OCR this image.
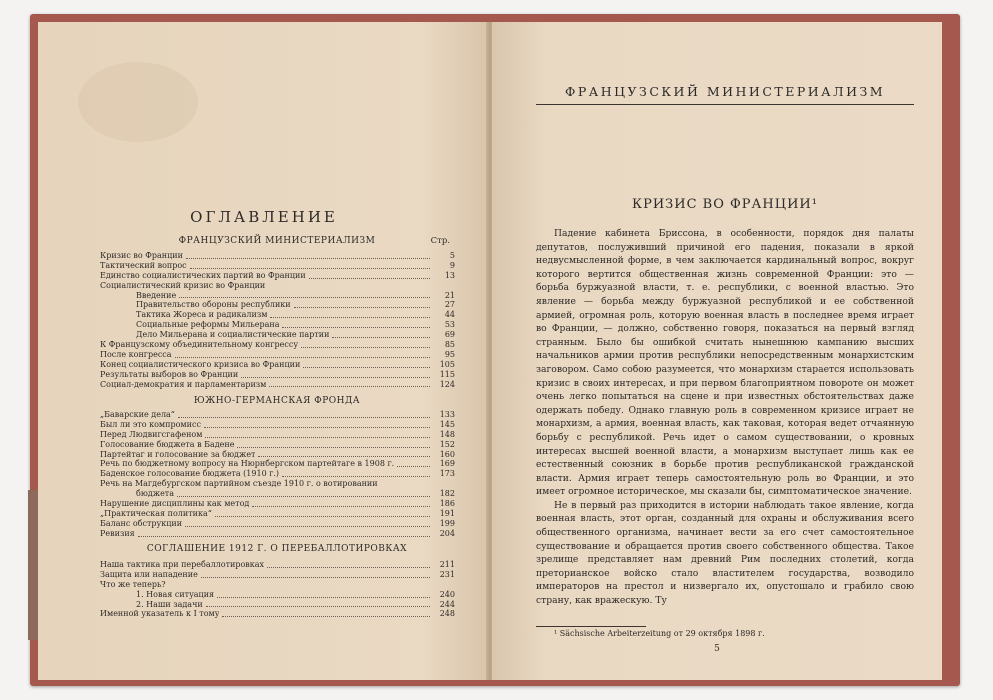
ОГЛАВЛЕНИЕ
ФРАНЦУЗСКИЙ МИНИСТЕРИАЛИЗМ	Стр.
Кризис во Франции	5
Тактический вопрос	9
Единство социалистических партий во Франции	13
Социалистический кризис во Франции
Введение	21
Правительство обороны республики	27
Тактика Жореса и радикализм	44
Социальные реформы Мильерана	53
Дело Мильерана и социалистические партии	69
К Французскому объединительному конгрессу	85
После конгресса	95
Конец социалистического кризиса во Франции	105
Результаты выборов во Франции	115
Социал-демократия и парламентаризм	124
ЮЖНО-ГЕРМАНСКАЯ ФРОНДА
„Баварские дела“	133
Был ли это компромисс	145
Перед Людвигсгафеном	148
Голосование бюджета в Бадене	152
Партейтаг и голосование за бюджет	160
Речь по бюджетному вопросу на Нюрнбергском партейтаге в 1908 г.	169
Баденское голосование бюджета (1910 г.)	173
Речь на Магдебургском партийном съезде 1910 г. о вотировании
бюджета	182
Нарушение дисциплины как метод	186
„Практическая политика“	191
Баланс обструкции	199
Ревизия	204
СОГЛАШЕНИЕ 1912 Г. О ПЕРЕБАЛЛОТИРОВКАХ
Наша тактика при перебаллотировках	211
Защита или нападение	231
Что же теперь?
1. Новая ситуация	240
2. Наши задачи	244
Именной указатель к I тому	248
ФРАНЦУЗСКИЙ МИНИСТЕРИАЛИЗМ
КРИЗИС ВО ФРАНЦИИ¹

Падение кабинета Бриссона, в особенности, порядок дня палаты депутатов, послуживший причиной его падения, показали в яркой недвусмысленной форме, в чем заключается кардинальный вопрос, вокруг которого вертится общественная жизнь современной Франции: это — борьба буржуазной власти, т. е. республики, с военной властью. Это явление — борьба между буржуазной республикой и ее собственной армией, огромная роль, которую военная власть в последнее время играет во Франции, — должно, собственно говоря, показаться на первый взгляд странным. Было бы ошибкой считать нынешнюю кампанию высших начальников армии против республики непосредственным монархистским заговором. Само собою разумеется, что монархизм старается использовать кризис в своих интересах, и при первом благоприятном повороте он может очень легко попытаться на сцене и при известных обстоятельствах даже одержать победу. Однако главную роль в современном кризисе играет не монархизм, а армия, военная власть, как таковая, которая ведет отчаянную борьбу с республикой. Речь идет о самом существовании, о кровных интересах высшей военной власти, а монархизм выступает лишь как ее естественный союзник в борьбе против республиканской гражданской власти. Армия играет теперь самостоятельную роль во Франции, и это имеет огромное историческое, мы сказали бы, симптоматическое значение.

Не в первый раз приходится в истории наблюдать такое явление, когда военная власть, этот орган, созданный для охраны и обслуживания всего общественного организма, начинает вести за его счет самостоятельное существование и обращается против своего собственного общества. Такое зрелище представляет нам древний Рим последних столетий, когда преторианское войско стало властителем государства, возводило императоров на престол и низвергало их, опустошало и грабило свою страну, как вражескую. Ту

¹ Sächsische Arbeiterzeitung от 29 октября 1898 г.
5
